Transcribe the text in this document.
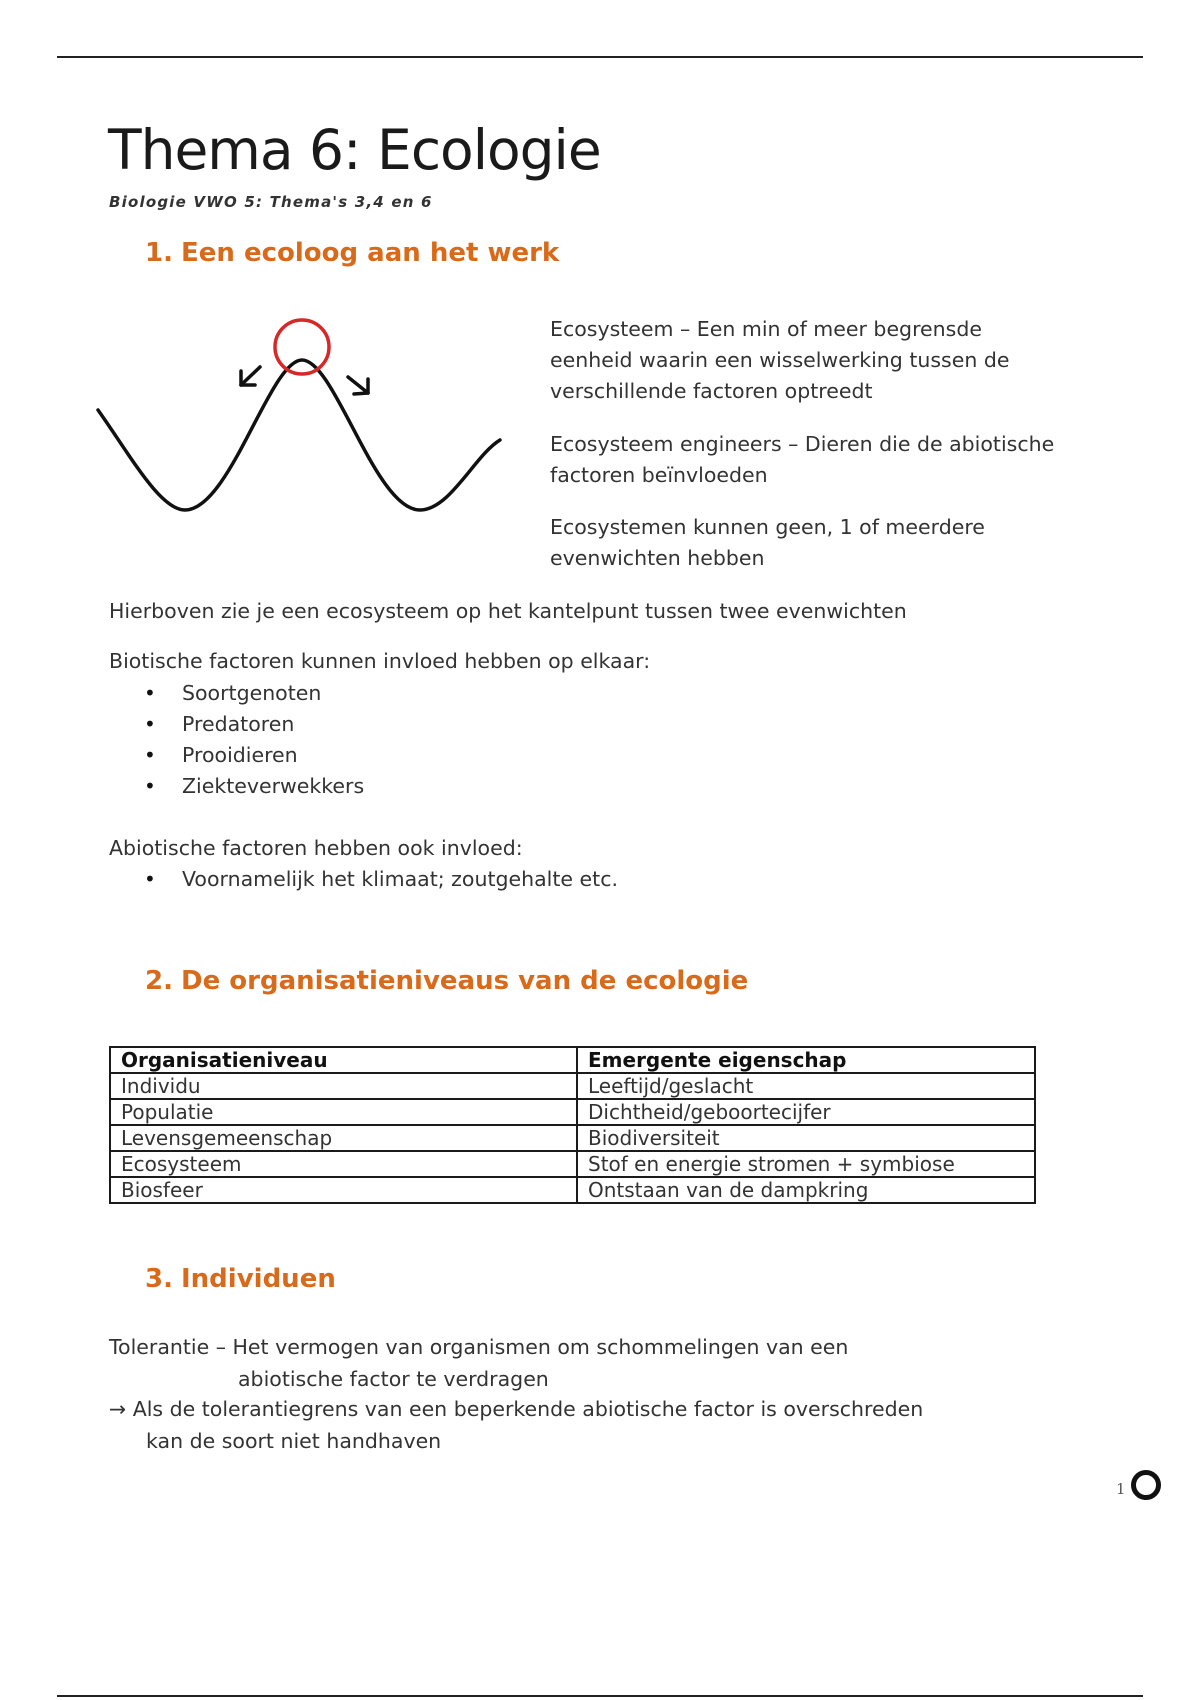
Thema 6: Ecologie
Biologie VWO 5: Thema's 3,4 en 6
1. Een ecoloog aan het werk
Ecosysteem – Een min of meer begrensde eenheid waarin een wisselwerking tussen de verschillende factoren optreedt
Ecosysteem engineers – Dieren die de abiotische factoren beïnvloeden
Ecosystemen kunnen geen, 1 of meerdere evenwichten hebben
Hierboven zie je een ecosysteem op het kantelpunt tussen twee evenwichten
Biotische factoren kunnen invloed hebben op elkaar:
• Soortgenoten
• Predatoren
• Prooidieren
• Ziekteverwekkers
Abiotische factoren hebben ook invloed:
• Voornamelijk het klimaat; zoutgehalte etc.
2. De organisatieniveaus van de ecologie
Organisatieniveau	Emergente eigenschap
Individu	Leeftijd/geslacht
Populatie	Dichtheid/geboortecijfer
Levensgemeenschap	Biodiversiteit
Ecosysteem	Stof en energie stromen + symbiose
Biosfeer	Ontstaan van de dampkring
3. Individuen
Tolerantie – Het vermogen van organismen om schommelingen van een
abiotische factor te verdragen
→ Als de tolerantiegrens van een beperkende abiotische factor is overschreden
kan de soort niet handhaven
1
